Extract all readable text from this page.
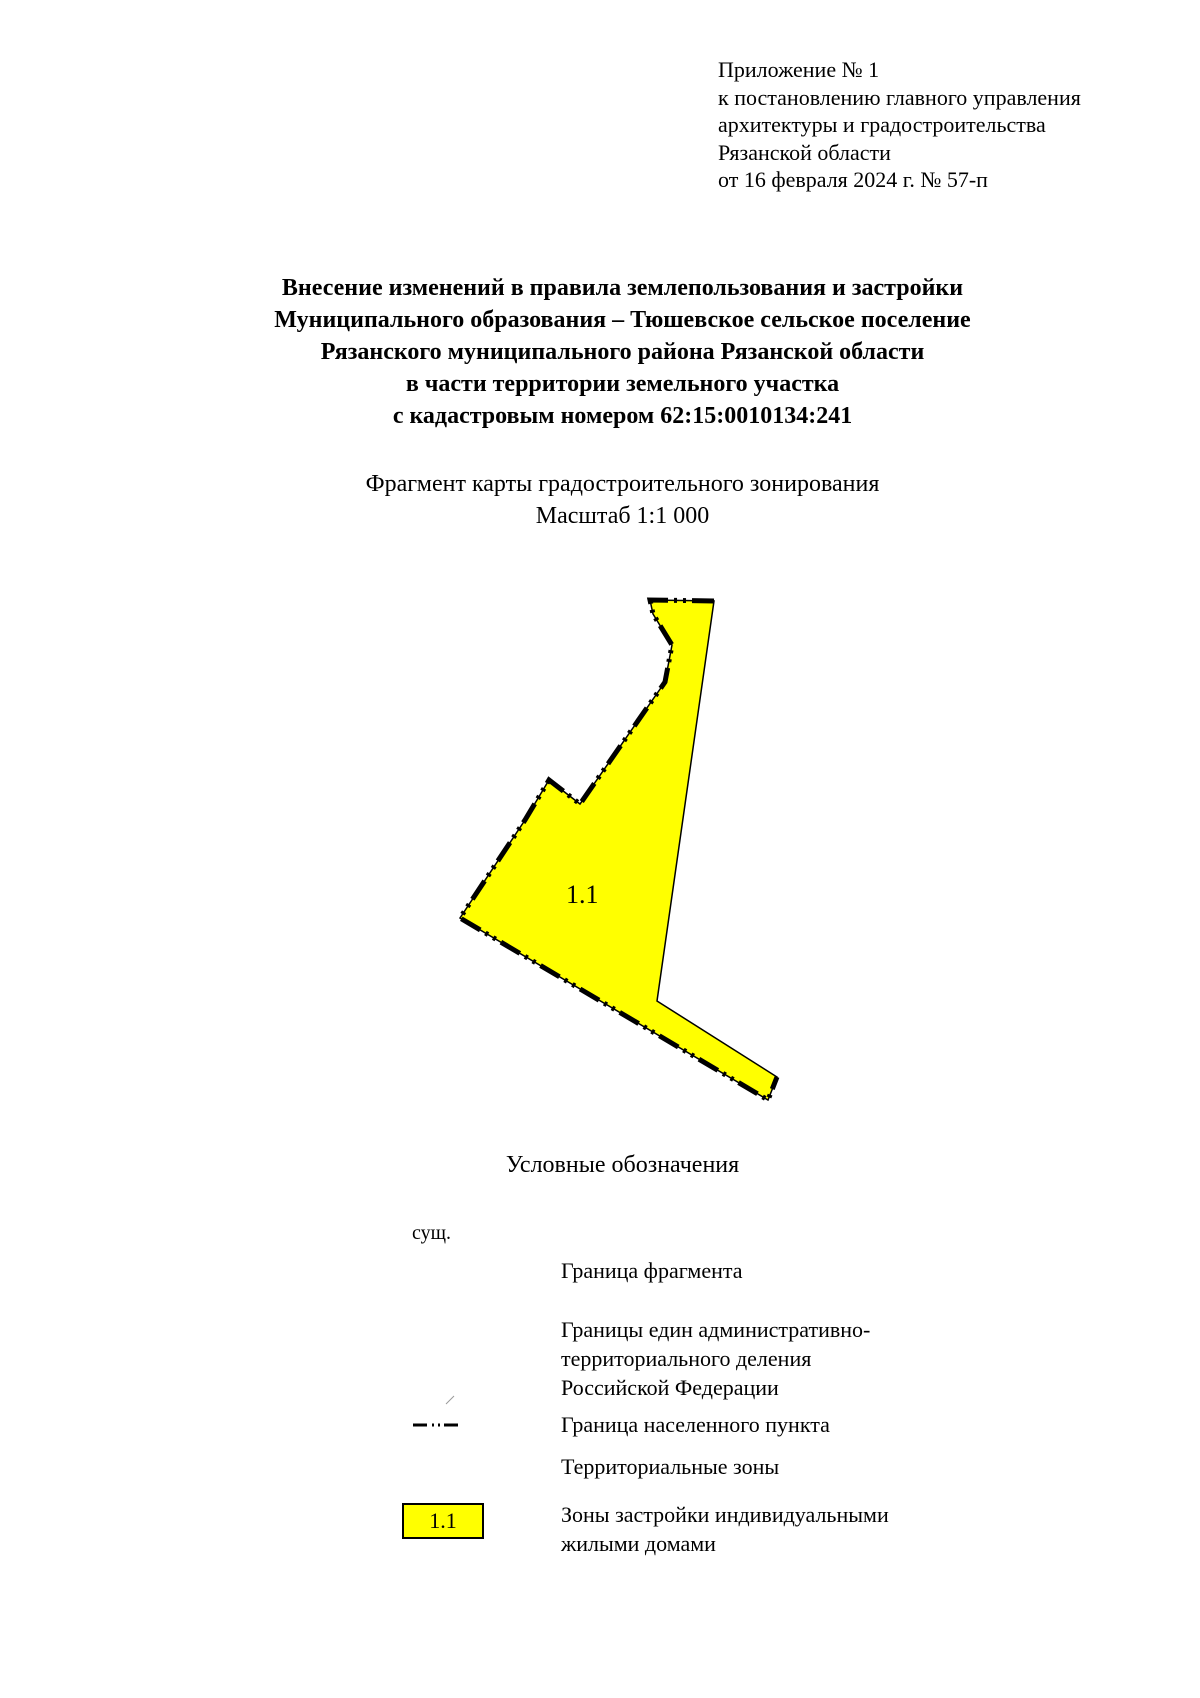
Приложение № 1
к постановлению главного управления
архитектуры и градостроительства
Рязанской области
от 16 февраля 2024 г. № 57-п
Внесение изменений в правила землепользования и застройки
Муниципального образования – Тюшевское сельское поселение
Рязанского муниципального района Рязанской области
в части территории земельного участка
с кадастровым номером 62:15:0010134:241
Фрагмент карты градостроительного зонирования
Масштаб 1:1 000
1.1
Условные обозначения
сущ.
Граница фрагмента
Границы един административно-
территориального деления
Российской Федерации
Граница населенного пункта
Территориальные зоны
1.1	Зоны застройки индивидуальными
жилыми домами
